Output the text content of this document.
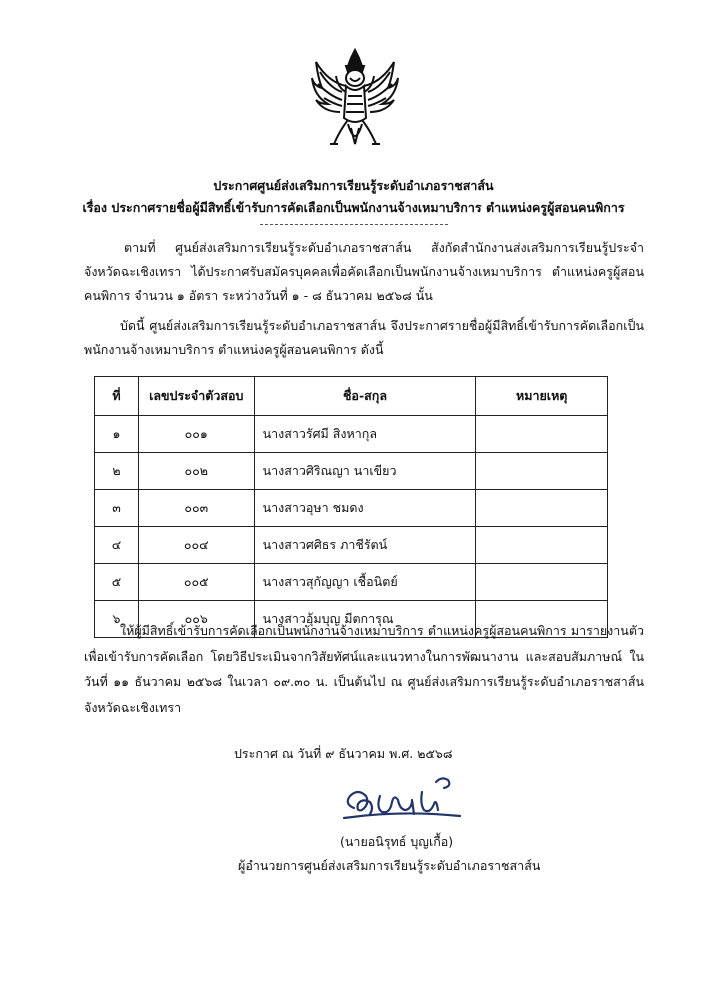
ประกาศศูนย์ส่งเสริมการเรียนรู้ระดับอำเภอราชสาส์น
เรื่อง ประกาศรายชื่อผู้มีสิทธิ์เข้ารับการคัดเลือกเป็นพนักงานจ้างเหมาบริการ ตำแหน่งครูผู้สอนคนพิการ
ตามที่ ศูนย์ส่งเสริมการเรียนรู้ระดับอำเภอราชสาส์น สังกัดสำนักงานส่งเสริมการเรียนรู้ประจำจังหวัดฉะเชิงเทรา ได้ประกาศรับสมัครบุคคลเพื่อคัดเลือกเป็นพนักงานจ้างเหมาบริการ ตำแหน่งครูผู้สอนคนพิการ จำนวน ๑ อัตรา ระหว่างวันที่ ๑ - ๘ ธันวาคม ๒๕๖๘ นั้น
บัดนี้ ศูนย์ส่งเสริมการเรียนรู้ระดับอำเภอราชสาส์น จึงประกาศรายชื่อผู้มีสิทธิ์เข้ารับการคัดเลือกเป็นพนักงานจ้างเหมาบริการ ตำแหน่งครูผู้สอนคนพิการ ดังนี้
ที่	เลขประจำตัวสอบ	ชื่อ-สกุล	หมายเหตุ
๑	๐๐๑	นางสาวรัศมี สิงหากุล	
๒	๐๐๒	นางสาวศิริณญา นาเขียว	
๓	๐๐๓	นางสาวอุษา ชมดง	
๔	๐๐๔	นางสาวศศิธร ภาชีรัตน์	
๕	๐๐๕	นางสาวสุกัญญา เชื้อนิตย์	
๖	๐๐๖	นางสาวอุ้มบุญ มีตการุณ	
ให้ผู้มีสิทธิ์เข้ารับการคัดเลือกเป็นพนักงานจ้างเหมาบริการ ตำแหน่งครูผู้สอนคนพิการ มารายงานตัวเพื่อเข้ารับการคัดเลือก โดยวิธีประเมินจากวิสัยทัศน์และแนวทางในการพัฒนางาน และสอบสัมภาษณ์ ในวันที่ ๑๑ ธันวาคม ๒๕๖๘ ในเวลา ๐๙.๓๐ น. เป็นต้นไป ณ ศูนย์ส่งเสริมการเรียนรู้ระดับอำเภอราชสาส์น จังหวัดฉะเชิงเทรา
ประกาศ ณ วันที่ ๙ ธันวาคม พ.ศ. ๒๕๖๘
(นายอนิรุทธ์ บุญเกื้อ)
ผู้อำนวยการศูนย์ส่งเสริมการเรียนรู้ระดับอำเภอราชสาส์น
